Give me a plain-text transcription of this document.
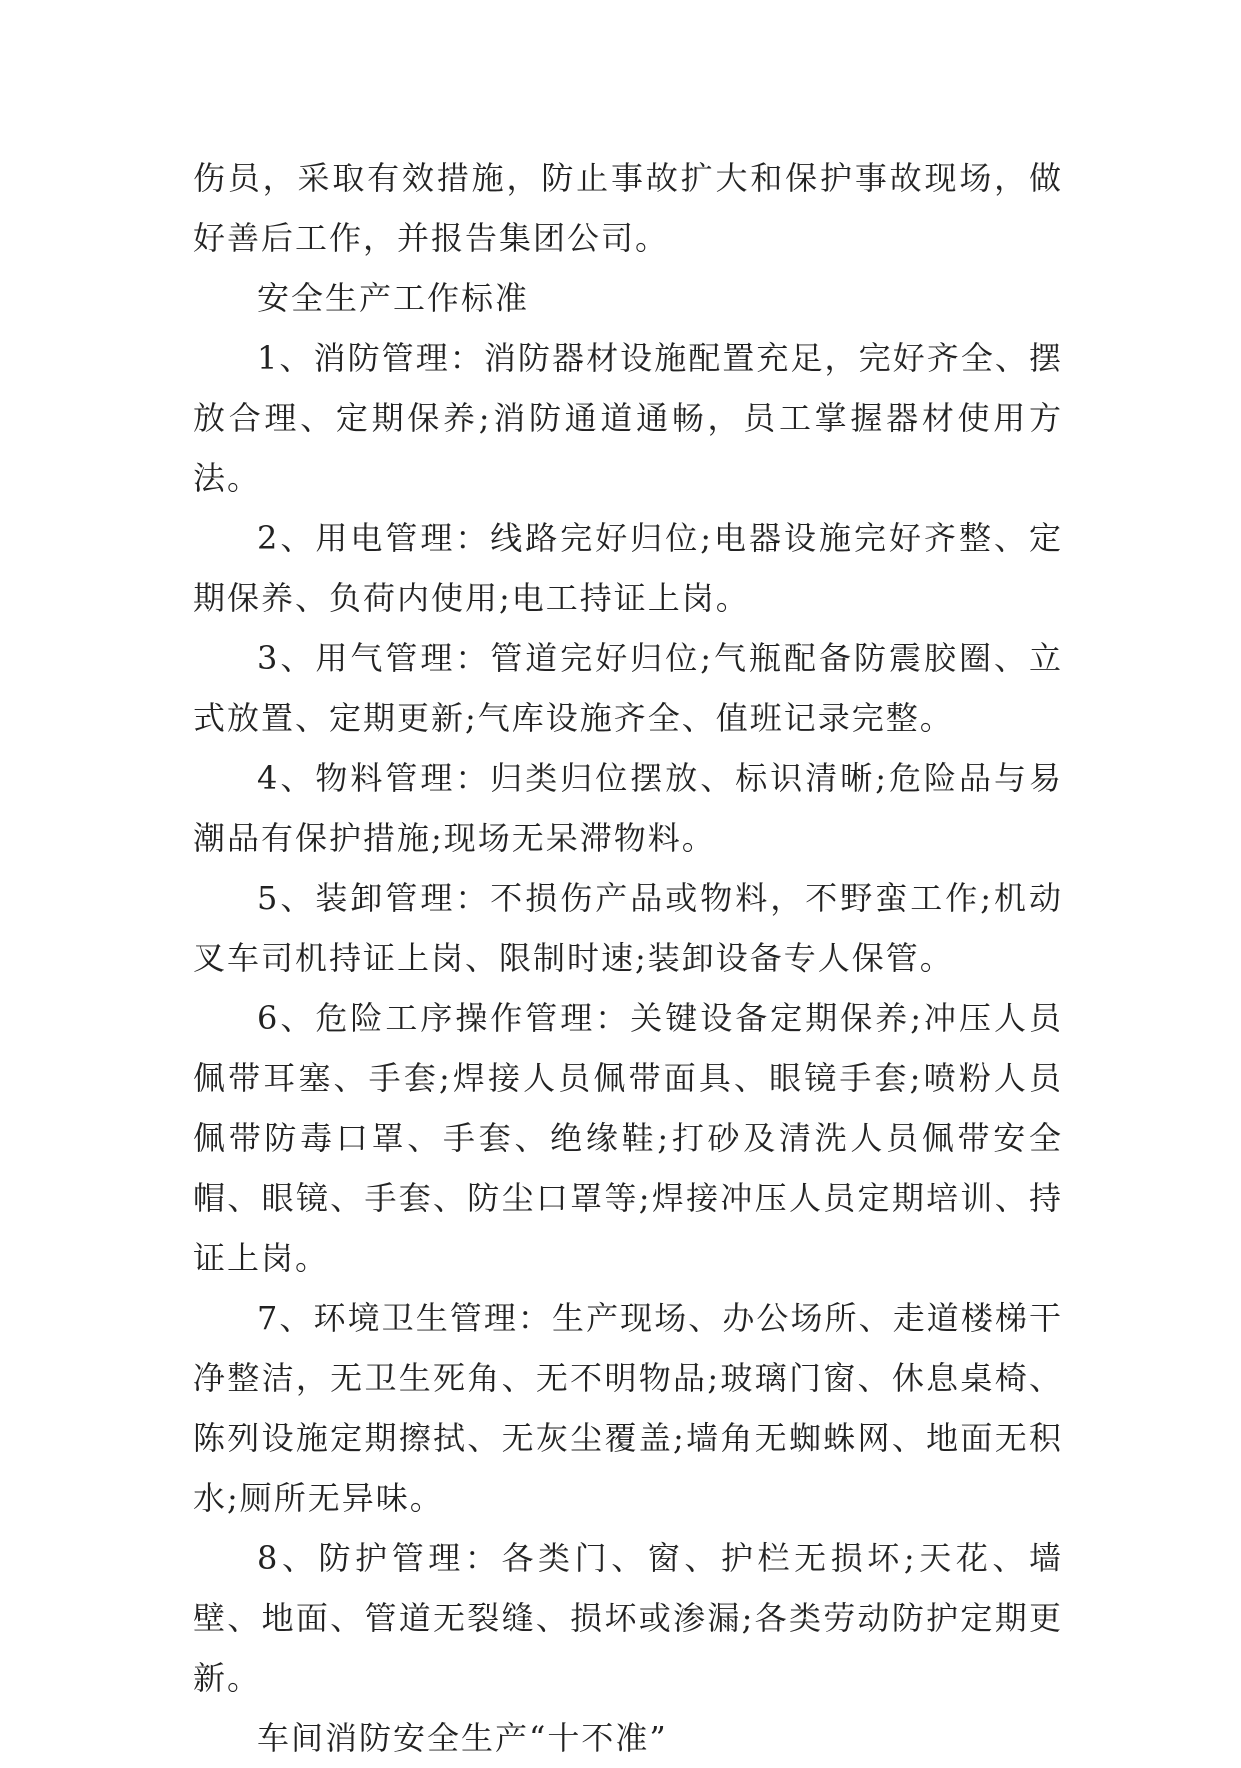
伤员，采取有效措施，防止事故扩大和保护事故现场，做好善后工作，并报告集团公司。

安全生产工作标准

1、消防管理：消防器材设施配置充足，完好齐全、摆放合理、定期保养;消防通道通畅，员工掌握器材使用方法。

2、用电管理：线路完好归位;电器设施完好齐整、定期保养、负荷内使用;电工持证上岗。

3、用气管理：管道完好归位;气瓶配备防震胶圈、立式放置、定期更新;气库设施齐全、值班记录完整。

4、物料管理：归类归位摆放、标识清晰;危险品与易潮品有保护措施;现场无呆滞物料。

5、装卸管理：不损伤产品或物料，不野蛮工作;机动叉车司机持证上岗、限制时速;装卸设备专人保管。

6、危险工序操作管理：关键设备定期保养;冲压人员佩带耳塞、手套;焊接人员佩带面具、眼镜手套;喷粉人员佩带防毒口罩、手套、绝缘鞋;打砂及清洗人员佩带安全帽、眼镜、手套、防尘口罩等;焊接冲压人员定期培训、持证上岗。

7、环境卫生管理：生产现场、办公场所、走道楼梯干净整洁，无卫生死角、无不明物品;玻璃门窗、休息桌椅、陈列设施定期擦拭、无灰尘覆盖;墙角无蜘蛛网、地面无积水;厕所无异味。

8、防护管理：各类门、窗、护栏无损坏;天花、墙壁、地面、管道无裂缝、损坏或渗漏;各类劳动防护定期更新。

车间消防安全生产“十不准”
